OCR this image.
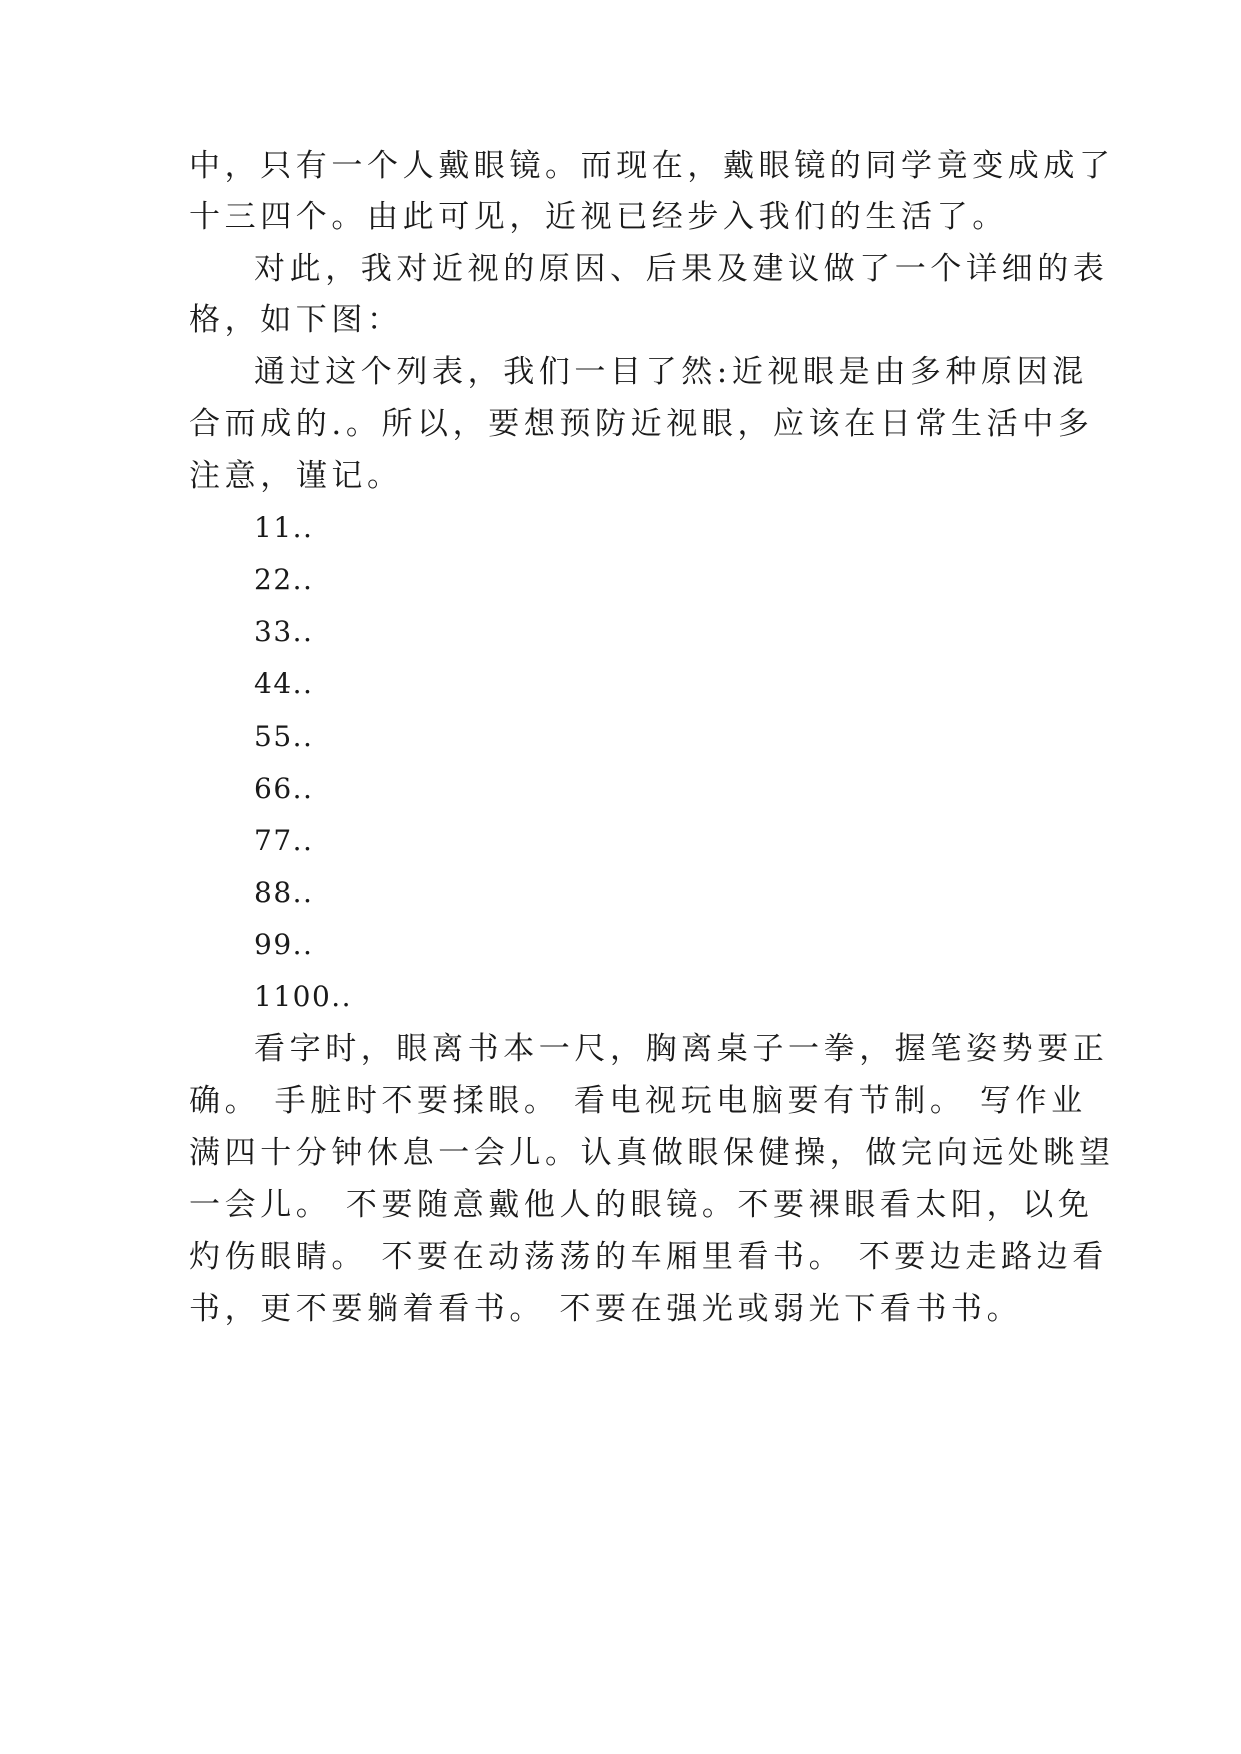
中，只有一个人戴眼镜。而现在，戴眼镜的同学竟变成成了

十三四个。由此可见，近视已经步入我们的生活了。

对此，我对近视的原因、后果及建议做了一个详细的表

格，如下图：

通过这个列表，我们一目了然:近视眼是由多种原因混

合而成的.。所以，要想预防近视眼，应该在日常生活中多

注意，谨记。

11..

22..

33..

44..

55..

66..

77..

88..

99..

1100..

看字时，眼离书本一尺，胸离桌子一拳，握笔姿势要正

确。 手脏时不要揉眼。 看电视玩电脑要有节制。 写作业

满四十分钟休息一会儿。认真做眼保健操，做完向远处眺望

一会儿。 不要随意戴他人的眼镜。不要裸眼看太阳，以免

灼伤眼睛。 不要在动荡荡的车厢里看书。 不要边走路边看

书，更不要躺着看书。 不要在强光或弱光下看书书。
